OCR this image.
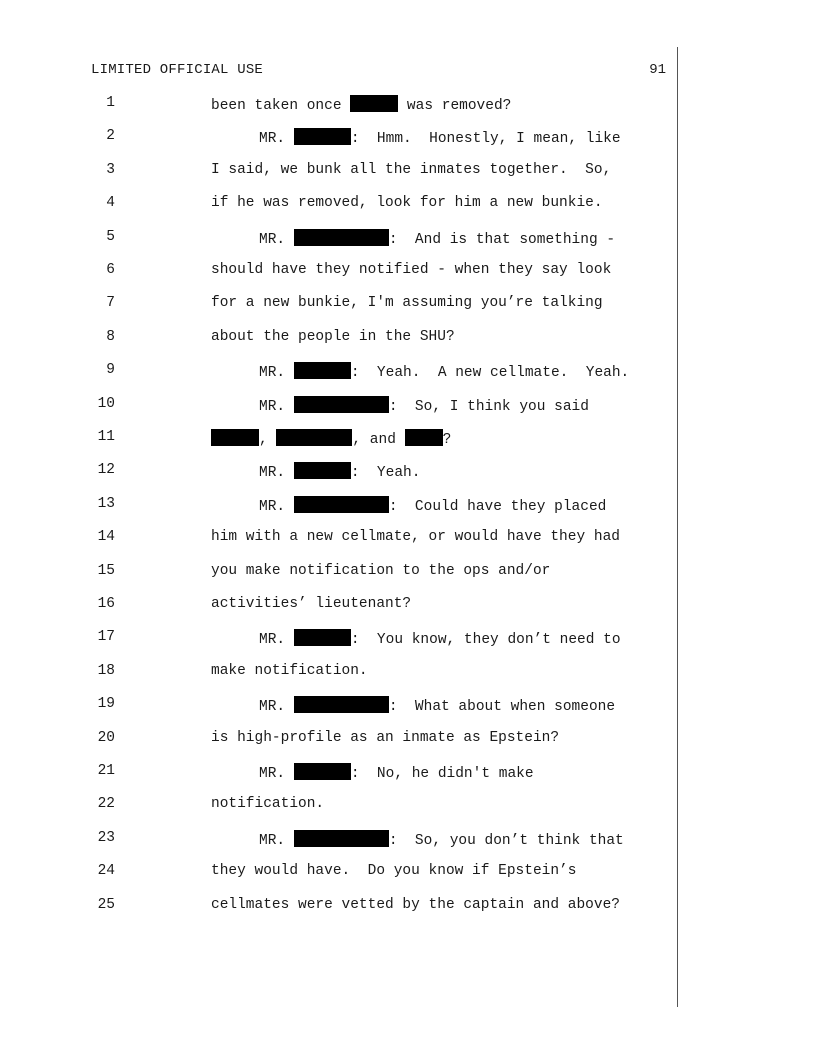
LIMITED OFFICIAL USE	91
1	been taken once	was removed?
2	MR.	:  Hmm.  Honestly, I mean, like
3	I said, we bunk all the inmates together.  So,
4	if he was removed, look for him a new bunkie.
5	MR.	:  And is that something -
6	should have they notified - when they say look
7	for a new bunkie, I'm assuming you’re talking
8	about the people in the SHU?
9	MR.	:  Yeah.  A new cellmate.  Yeah.
10	MR.	:  So, I think you said
11	,	, and	?
12	MR.	:  Yeah.
13	MR.	:  Could have they placed
14	him with a new cellmate, or would have they had
15	you make notification to the ops and/or
16	activities’ lieutenant?
17	MR.	:  You know, they don’t need to
18	make notification.
19	MR.	:  What about when someone
20	is high-profile as an inmate as Epstein?
21	MR.	:  No, he didn't make
22	notification.
23	MR.	:  So, you don’t think that
24	they would have.  Do you know if Epstein’s
25	cellmates were vetted by the captain and above?
